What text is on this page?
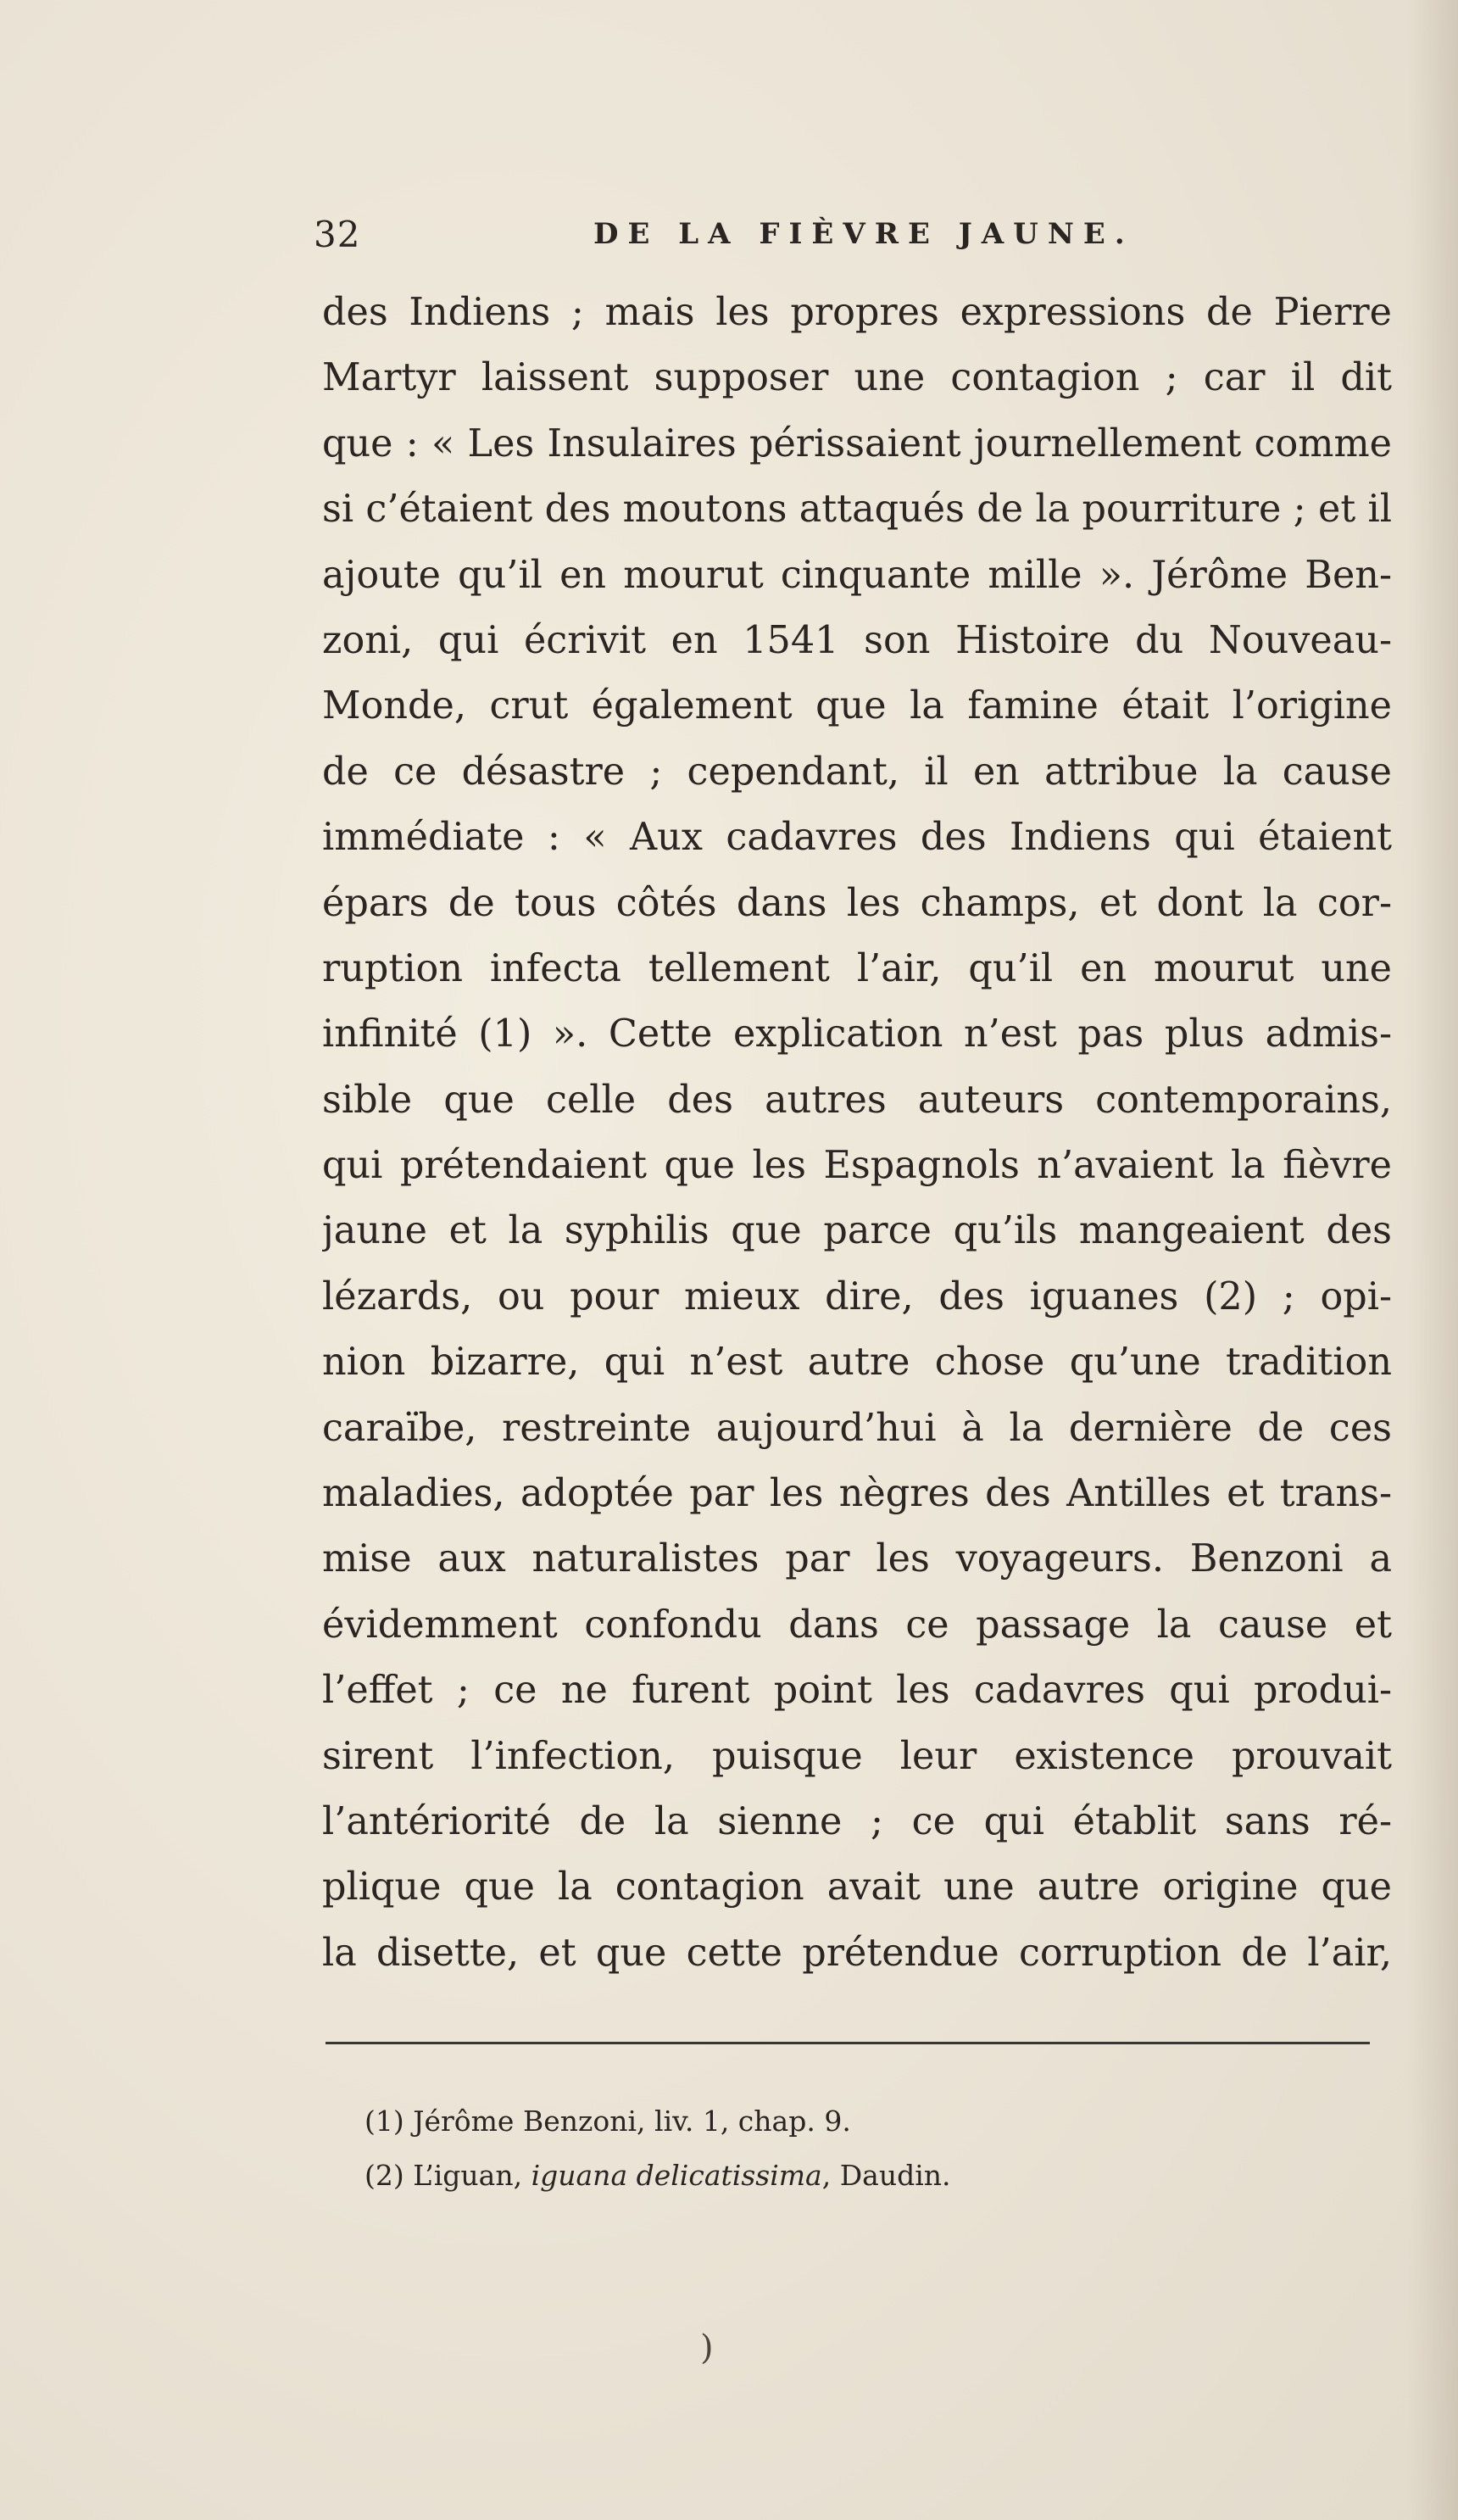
32	DE LA FIÈVRE JAUNE.
des Indiens ; mais les propres expressions de Pierre
Martyr laissent supposer une contagion ; car il dit
que : « Les Insulaires périssaient journellement comme
si c’étaient des moutons attaqués de la pourriture ; et il
ajoute qu’il en mourut cinquante mille ». Jérôme Ben-
zoni, qui écrivit en 1541 son Histoire du Nouveau-
Monde, crut également que la famine était l’origine
de ce désastre ; cependant, il en attribue la cause
immédiate : « Aux cadavres des Indiens qui étaient
épars de tous côtés dans les champs, et dont la cor-
ruption infecta tellement l’air, qu’il en mourut une
infinité (1) ». Cette explication n’est pas plus admis-
sible que celle des autres auteurs contemporains,
qui prétendaient que les Espagnols n’avaient la fièvre
jaune et la syphilis que parce qu’ils mangeaient des
lézards, ou pour mieux dire, des iguanes (2) ; opi-
nion bizarre, qui n’est autre chose qu’une tradition
caraïbe, restreinte aujourd’hui à la dernière de ces
maladies, adoptée par les nègres des Antilles et trans-
mise aux naturalistes par les voyageurs. Benzoni a
évidemment confondu dans ce passage la cause et
l’effet ; ce ne furent point les cadavres qui produi-
sirent l’infection, puisque leur existence prouvait
l’antériorité de la sienne ; ce qui établit sans ré-
plique que la contagion avait une autre origine que
la disette, et que cette prétendue corruption de l’air,
(1) Jérôme Benzoni, liv. 1, chap. 9.
(2) L’iguan, iguana delicatissima, Daudin.
)
